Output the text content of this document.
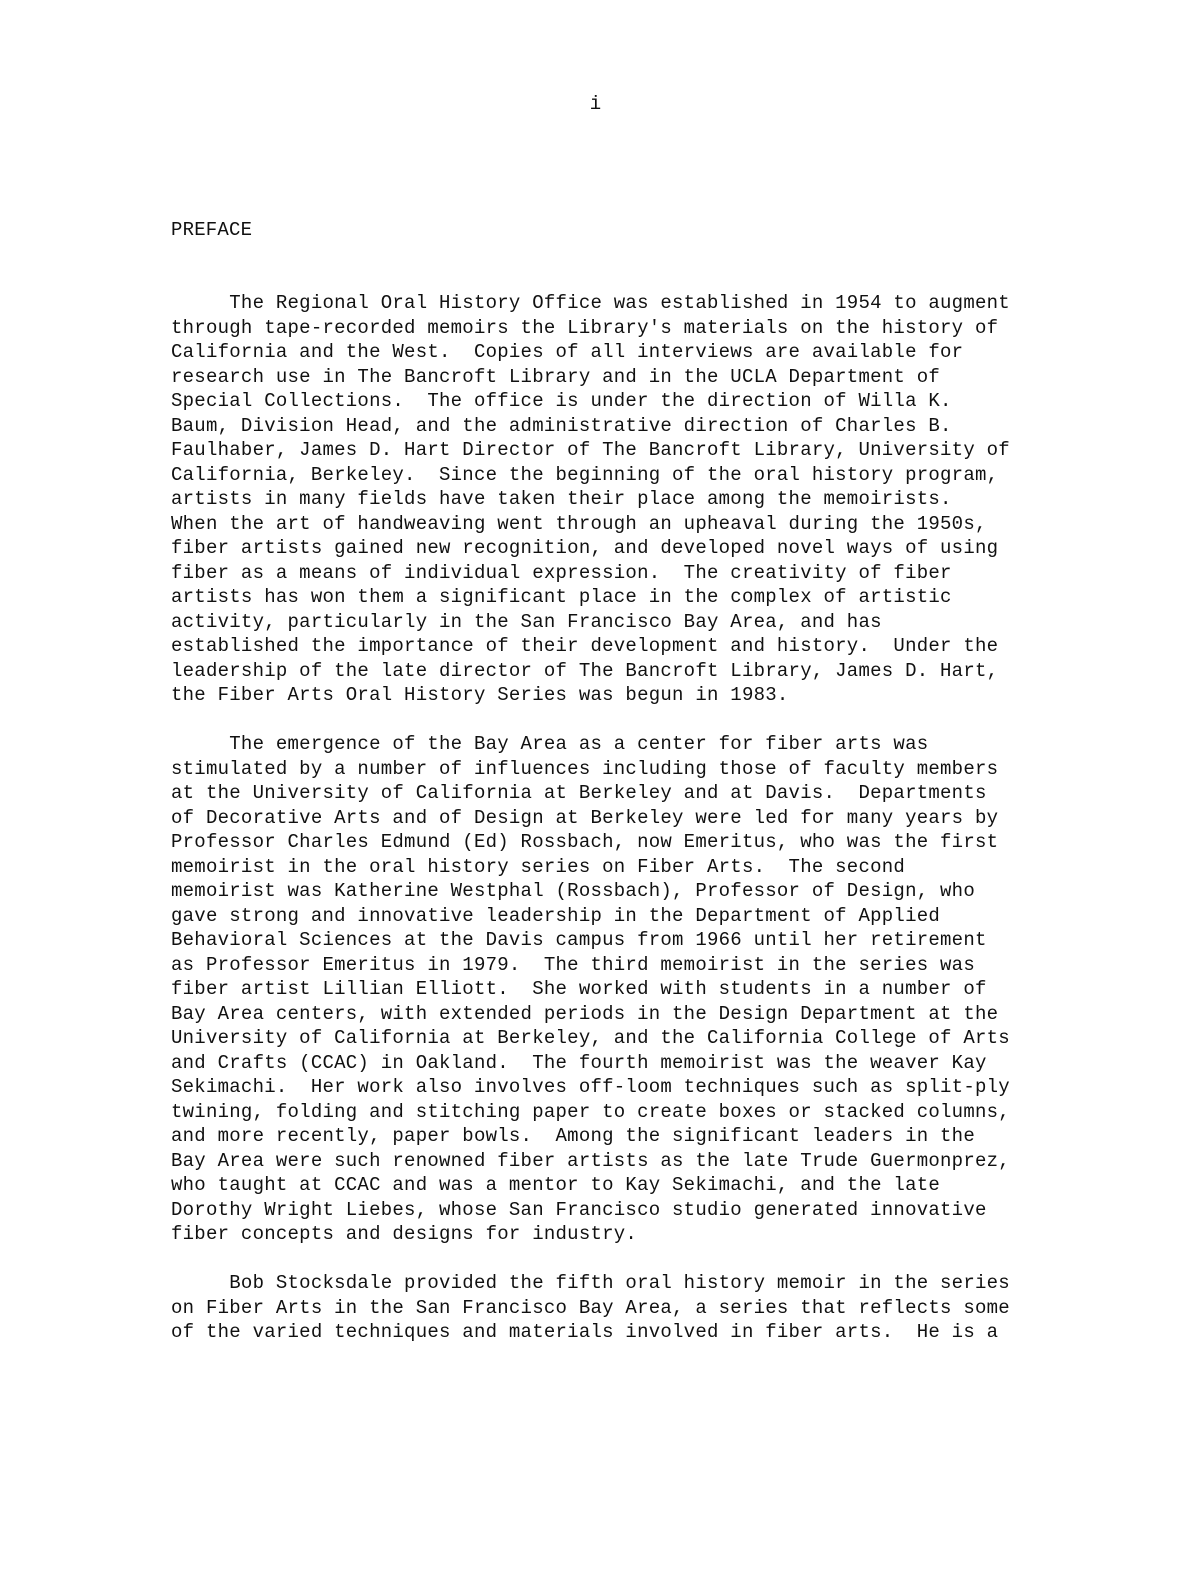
i
PREFACE
The Regional Oral History Office was established in 1954 to augment
through tape-recorded memoirs the Library's materials on the history of
California and the West.  Copies of all interviews are available for
research use in The Bancroft Library and in the UCLA Department of
Special Collections.  The office is under the direction of Willa K.
Baum, Division Head, and the administrative direction of Charles B.
Faulhaber, James D. Hart Director of The Bancroft Library, University of
California, Berkeley.  Since the beginning of the oral history program,
artists in many fields have taken their place among the memoirists.
When the art of handweaving went through an upheaval during the 1950s,
fiber artists gained new recognition, and developed novel ways of using
fiber as a means of individual expression.  The creativity of fiber
artists has won them a significant place in the complex of artistic
activity, particularly in the San Francisco Bay Area, and has
established the importance of their development and history.  Under the
leadership of the late director of The Bancroft Library, James D. Hart,
the Fiber Arts Oral History Series was begun in 1983.
The emergence of the Bay Area as a center for fiber arts was
stimulated by a number of influences including those of faculty members
at the University of California at Berkeley and at Davis.  Departments
of Decorative Arts and of Design at Berkeley were led for many years by
Professor Charles Edmund (Ed) Rossbach, now Emeritus, who was the first
memoirist in the oral history series on Fiber Arts.  The second
memoirist was Katherine Westphal (Rossbach), Professor of Design, who
gave strong and innovative leadership in the Department of Applied
Behavioral Sciences at the Davis campus from 1966 until her retirement
as Professor Emeritus in 1979.  The third memoirist in the series was
fiber artist Lillian Elliott.  She worked with students in a number of
Bay Area centers, with extended periods in the Design Department at the
University of California at Berkeley, and the California College of Arts
and Crafts (CCAC) in Oakland.  The fourth memoirist was the weaver Kay
Sekimachi.  Her work also involves off-loom techniques such as split-ply
twining, folding and stitching paper to create boxes or stacked columns,
and more recently, paper bowls.  Among the significant leaders in the
Bay Area were such renowned fiber artists as the late Trude Guermonprez,
who taught at CCAC and was a mentor to Kay Sekimachi, and the late
Dorothy Wright Liebes, whose San Francisco studio generated innovative
fiber concepts and designs for industry.
Bob Stocksdale provided the fifth oral history memoir in the series
on Fiber Arts in the San Francisco Bay Area, a series that reflects some
of the varied techniques and materials involved in fiber arts.  He is a
